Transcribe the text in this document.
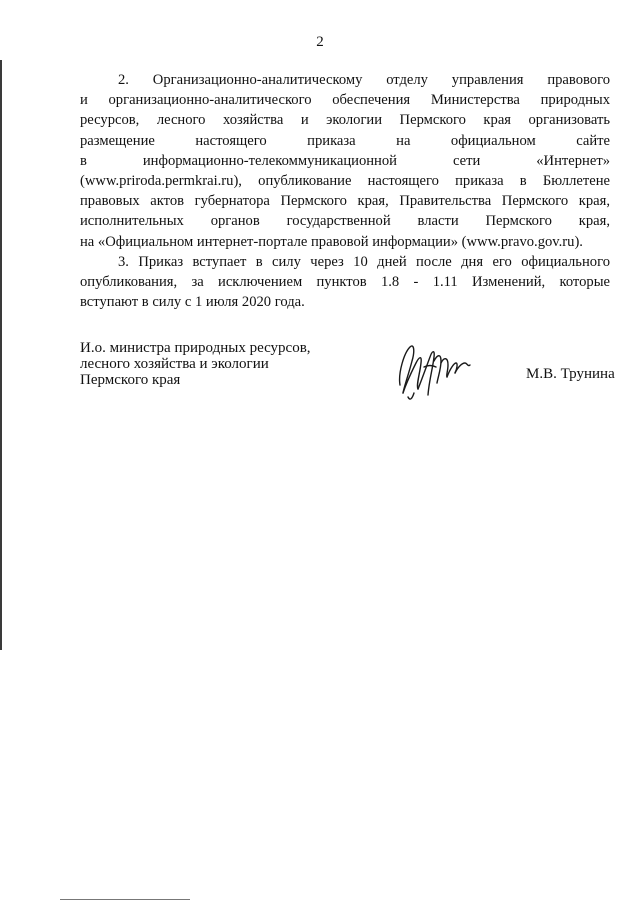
2
2. Организационно-аналитическому отделу управления правового
и организационно-аналитического обеспечения Министерства природных
ресурсов, лесного хозяйства и экологии Пермского края организовать
размещение настоящего приказа на официальном сайте
в информационно-телекоммуникационной сети «Интернет»
(www.priroda.permkrai.ru), опубликование настоящего приказа в Бюллетене
правовых актов губернатора Пермского края, Правительства Пермского края,
исполнительных органов государственной власти Пермского края,
на «Официальном интернет-портале правовой информации» (www.pravo.gov.ru).
3. Приказ вступает в силу через 10 дней после дня его официального
опубликования, за исключением пунктов 1.8 - 1.11 Изменений, которые
вступают в силу с 1 июля 2020 года.
И.о. министра природных ресурсов,
лесного хозяйства и экологии
Пермского края	М.В. Трунина
